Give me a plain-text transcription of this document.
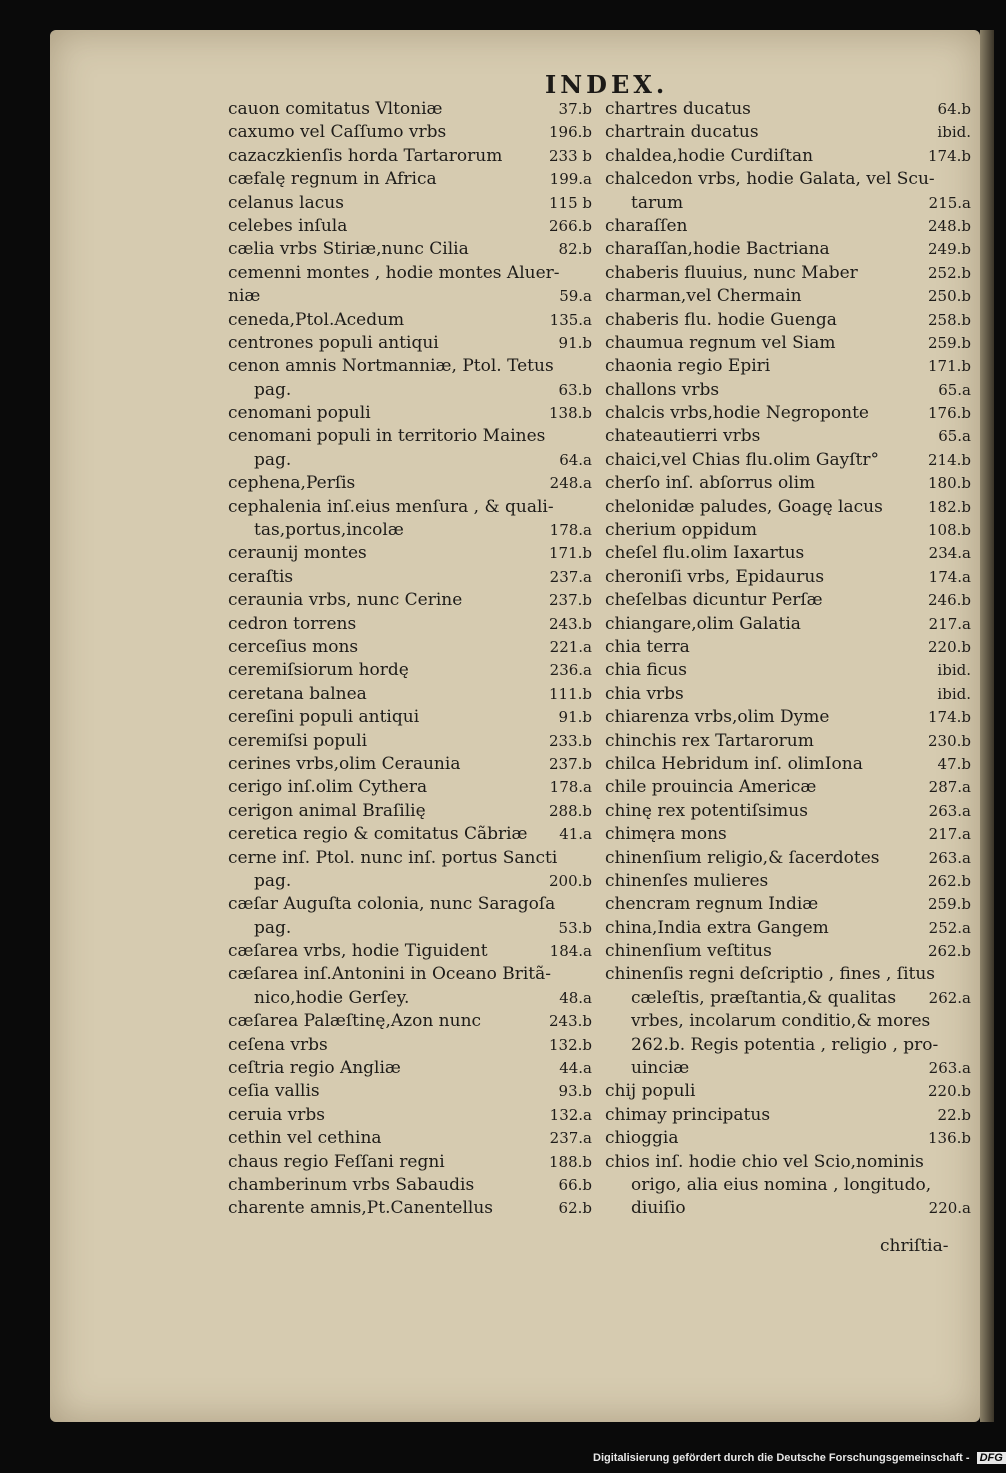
INDEX.
cauon comitatus Vltoniæ	37.b
caxumo vel Caſſumo vrbs	196.b
cazaczkienſis horda Tartarorum	233 b
cæfalę regnum in Africa	199.a
celanus lacus	115 b
celebes inſula	266.b
cælia vrbs Stiriæ,nunc Cilia	82.b
cemenni montes , hodie montes Aluer-
niæ	59.a
ceneda,Ptol.Acedum	135.a
centrones populi antiqui	91.b
cenon amnis Nortmanniæ, Ptol. Tetus
pag.	63.b
cenomani populi	138.b
cenomani populi in territorio Maines
pag.	64.a
cephena,Perſis	248.a
cephalenia inſ.eius menſura , & quali-
tas,portus,incolæ	178.a
ceraunij montes	171.b
ceraſtis	237.a
ceraunia vrbs, nunc Cerine	237.b
cedron torrens	243.b
cerceſius mons	221.a
ceremiſsiorum hordę	236.a
ceretana balnea	111.b
cereſini populi antiqui	91.b
ceremiſsi populi	233.b
cerines vrbs,olim Ceraunia	237.b
cerigo inſ.olim Cythera	178.a
cerigon animal Braſilię	288.b
ceretica regio & comitatus Cãbriæ	41.a
cerne inſ. Ptol. nunc inſ. portus Sancti
pag.	200.b
cæſar Auguſta colonia, nunc Saragoſa
pag.	53.b
cæſarea vrbs, hodie Tiguident	184.a
cæſarea inſ.Antonini in Oceano Britã-
nico,hodie Gerſey.	48.a
cæſarea Palæſtinę,Azon nunc	243.b
ceſena vrbs	132.b
ceſtria regio Angliæ	44.a
ceſia vallis	93.b
ceruia vrbs	132.a
cethin vel cethina	237.a
chaus regio Feſſani regni	188.b
chamberinum vrbs Sabaudis	66.b
charente amnis,Pt.Canentellus	62.b
chartres ducatus	64.b
chartrain ducatus	ibid.
chaldea,hodie Curdiſtan	174.b
chalcedon vrbs, hodie Galata, vel Scu-
tarum	215.a
charaſſen	248.b
charaſſan,hodie Bactriana	249.b
chaberis fluuius, nunc Maber	252.b
charman,vel Chermain	250.b
chaberis flu. hodie Guenga	258.b
chaumua regnum vel Siam	259.b
chaonia regio Epiri	171.b
challons vrbs	65.a
chalcis vrbs,hodie Negroponte	176.b
chateautierri vrbs	65.a
chaici,vel Chias flu.olim Gayſtr°	214.b
cherſo inſ. abſorrus olim	180.b
chelonidæ paludes, Goagę lacus	182.b
cherium oppidum	108.b
cheſel flu.olim Iaxartus	234.a
cheroniſi vrbs, Epidaurus	174.a
cheſelbas dicuntur Perſæ	246.b
chiangare,olim Galatia	217.a
chia terra	220.b
chia ficus	ibid.
chia vrbs	ibid.
chiarenza vrbs,olim Dyme	174.b
chinchis rex Tartarorum	230.b
chilca Hebridum inſ. olimIona	47.b
chile prouincia Americæ	287.a
chinę rex potentiſsimus	263.a
chimęra mons	217.a
chinenſium religio,& ſacerdotes	263.a
chinenſes mulieres	262.b
chencram regnum Indiæ	259.b
china,India extra Gangem	252.a
chinenſium veſtitus	262.b
chinenſis regni deſcriptio , fines , ſitus
cæleſtis, præſtantia,& qualitas	262.a
vrbes, incolarum conditio,& mores
262.b. Regis potentia , religio , pro-
uinciæ	263.a
chij populi	220.b
chimay principatus	22.b
chioggia	136.b
chios inſ. hodie chio vel Scio,nominis
origo, alia eius nomina , longitudo,
diuiſio	220.a
chriſtia-
Digitalisierung gefördert durch die Deutsche Forschungsgemeinschaft - DFG
